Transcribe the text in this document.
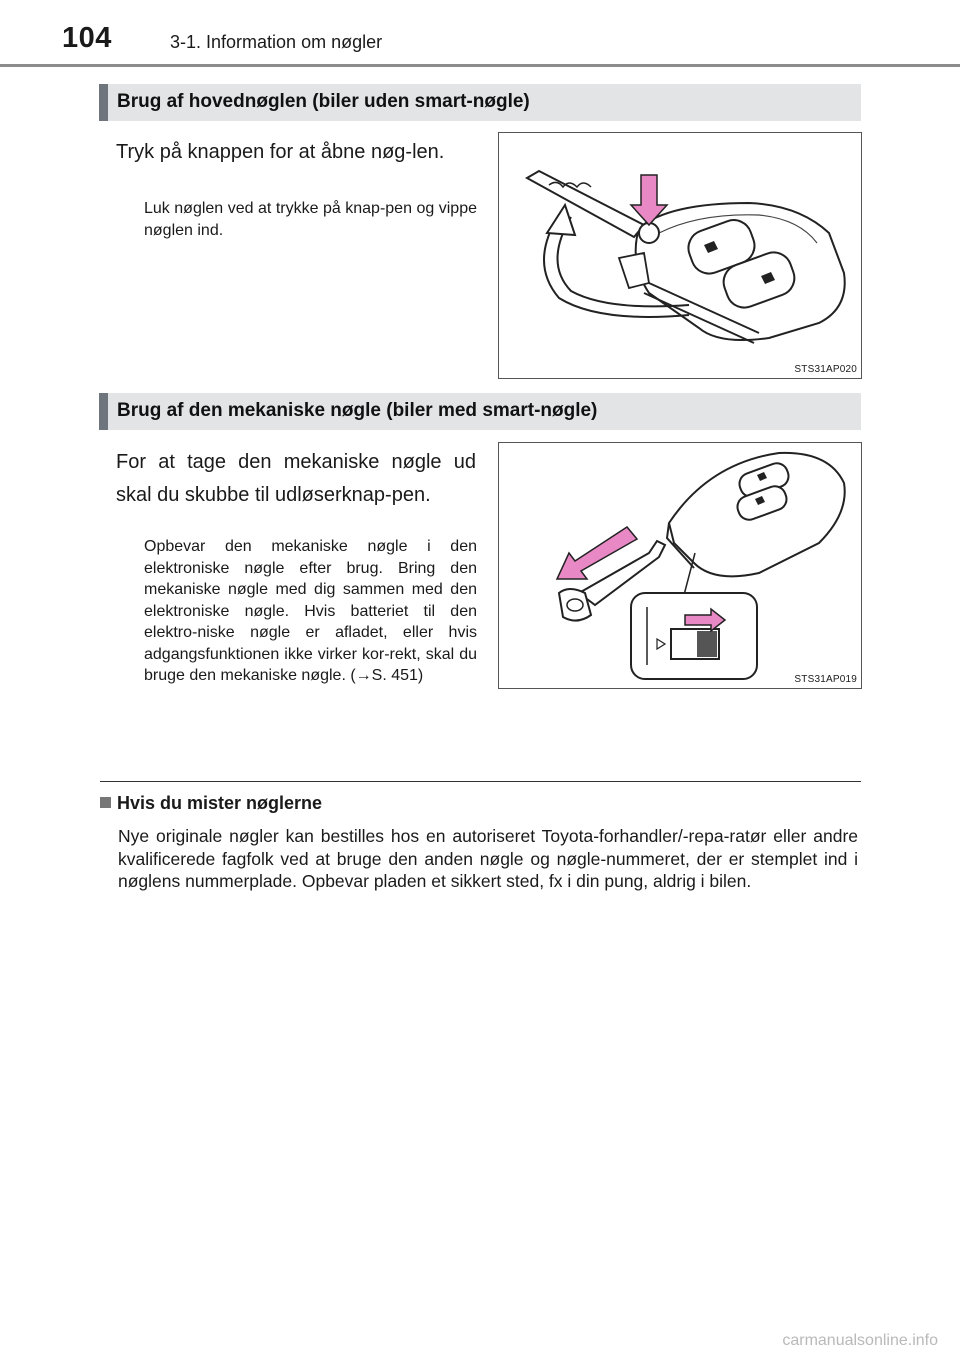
104	3-1. Information om nøgler
Brug af hovednøglen (biler uden smart-nøgle)
Tryk på knappen for at åbne nøg-len.
Luk nøglen ved at trykke på knap-pen og vippe nøglen ind.
STS31AP020
Brug af den mekaniske nøgle (biler med smart-nøgle)
For at tage den mekaniske nøgle ud skal du skubbe til udløserknap-pen.
Opbevar den mekaniske nøgle i den elektroniske nøgle efter brug. Bring den mekaniske nøgle med dig sammen med den elektroniske nøgle. Hvis batteriet til den elektro-niske nøgle er afladet, eller hvis adgangsfunktionen ikke virker kor-rekt, skal du bruge den mekaniske nøgle. (→S. 451)	STS31AP019
Hvis du mister nøglerne
Nye originale nøgler kan bestilles hos en autoriseret Toyota-forhandler/-repa-ratør eller andre kvalificerede fagfolk ved at bruge den anden nøgle og nøgle-nummeret, der er stemplet ind i nøglens nummerplade. Opbevar pladen et sikkert sted, fx i din pung, aldrig i bilen.
carmanualsonline.info
